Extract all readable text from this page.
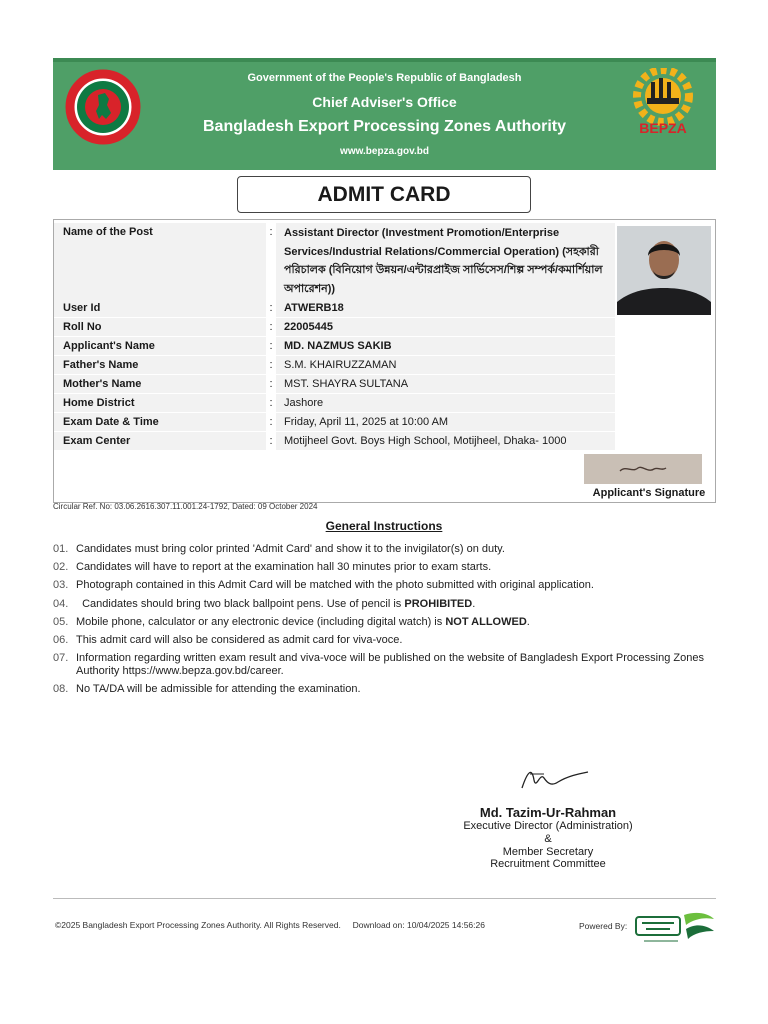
Government of the People's Republic of Bangladesh
Chief Adviser's Office
Bangladesh Export Processing Zones Authority
www.bepza.gov.bd
BEPZA
ADMIT CARD
Name of the Post	:	Assistant Director (Investment Promotion/Enterprise Services/Industrial Relations/Commercial Operation) (সহকারী পরিচালক (বিনিয়োগ উন্নয়ন/এন্টারপ্রাইজ সার্ভিসেস/শিল্প সম্পর্ক/কমার্শিয়াল অপারেশন))
User Id	:	ATWERB18
Roll No	:	22005445
Applicant's Name	:	MD. NAZMUS SAKIB
Father's Name	:	S.M. KHAIRUZZAMAN
Mother's Name	:	MST. SHAYRA SULTANA
Home District	:	Jashore
Exam Date & Time	:	Friday, April 11, 2025 at 10:00 AM
Exam Center	:	Motijheel Govt. Boys High School, Motijheel, Dhaka- 1000
Applicant's Signature
Circular Ref. No: 03.06.2616.307.11.001.24-1792, Dated: 09 October 2024
General Instructions
01. Candidates must bring color printed 'Admit Card' and show it to the invigilator(s) on duty.
02. Candidates will have to report at the examination hall 30 minutes prior to exam starts.
03. Photograph contained in this Admit Card will be matched with the photo submitted with original application.
04. Candidates should bring two black ballpoint pens. Use of pencil is PROHIBITED.
05. Mobile phone, calculator or any electronic device (including digital watch) is NOT ALLOWED.
06. This admit card will also be considered as admit card for viva-voce.
07. Information regarding written exam result and viva-voce will be published on the website of Bangladesh Export Processing Zones Authority https://www.bepza.gov.bd/career.
08. No TA/DA will be admissible for attending the examination.
Md. Tazim-Ur-Rahman
Executive Director (Administration)
&
Member Secretary
Recruitment Committee
©2025 Bangladesh Export Processing Zones Authority. All Rights Reserved. Download on: 10/04/2025 14:56:26	Powered By:
